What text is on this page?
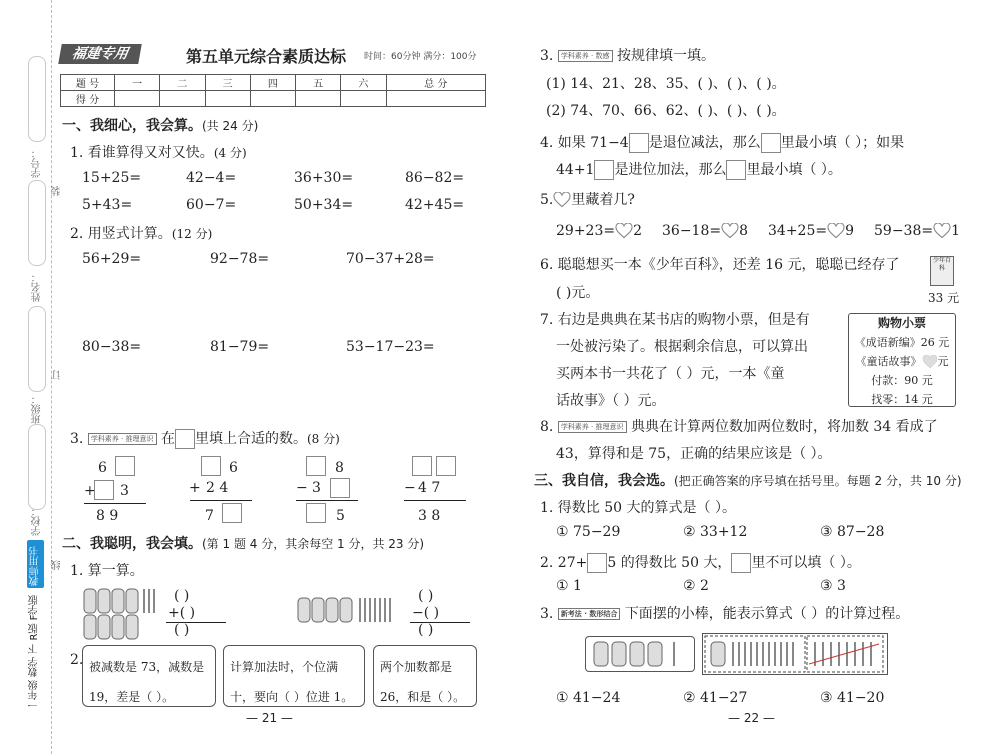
学号：
姓名：
班级：
学校：
装
订
线
一年级 数学 下 R版 F学版
教师用书
福建专用	第五单元综合素质达标 时间：60分钟 满分：100分
题 号	一	二	三	四	五	六	总 分
得 分							
一、我细心，我会算。(共 24 分)
1. 看谁算得又对又快。(4 分)
15+25=	42−4=	36+30=	86−82=
5+43=	60−7=	50+34=	42+45=
2. 用竖式计算。(12 分)
56+29=	92−78=	70−37+28=
80−38=	81−79=	53−17−23=
3. 学科素养 · 推理意识 在 里填上合适的数。(8 分)
6
+ 3
8 9
6
+ 2 4
7
8
− 3
5
− 4 7
3 8
二、我聪明，我会填。(第 1 题 4 分，其余每空 1 分，共 23 分)
1. 算一算。
( )
+( )
( )
( )
−( )
( )
2. 被减数是 73，减数是 19，差是（ ）。
计算加法时，个位满十，要向（ ）位进 1。
两个加数都是 26，和是（ ）。
— 21 —
3. 学科素养 · 数感 按规律填一填。
(1) 14、21、28、35、( )、( )、( )。
(2) 74、70、66、62、( )、( )、( )。
4. 如果 71−4 是退位减法，那么 里最小填（ ）；如果
44+1 是进位加法，那么 里最小填（ ）。
5. 里藏着几?
29+23= 2 36−18= 8 34+25= 9 59−38= 1
6. 聪聪想买一本《少年百科》，还差 16 元，聪聪已经存了
( )元。
少年百科
33 元
7. 右边是典典在某书店的购物小票，但是有
一处被污染了。根据剩余信息，可以算出
买两本书一共花了（ ）元，一本《童
话故事》（ ）元。
购物小票
《成语新编》26 元
《童话故事》 元
付款：90 元
找零：14 元
8. 学科素养 · 推理意识 典典在计算两位数加两位数时，将加数 34 看成了
43，算得和是 75，正确的结果应该是（ ）。
三、我自信，我会选。(把正确答案的序号填在括号里。每题 2 分，共 10 分)
1. 得数比 50 大的算式是（ ）。
① 75−29	② 33+12	③ 87−28
2. 27+ 5 的得数比 50 大， 里不可以填（ ）。
① 1	② 2	③ 3
3. 新考法 · 数形结合 下面摆的小棒，能表示算式（ ）的计算过程。
① 41−24	② 41−27	③ 41−20
— 22 —
